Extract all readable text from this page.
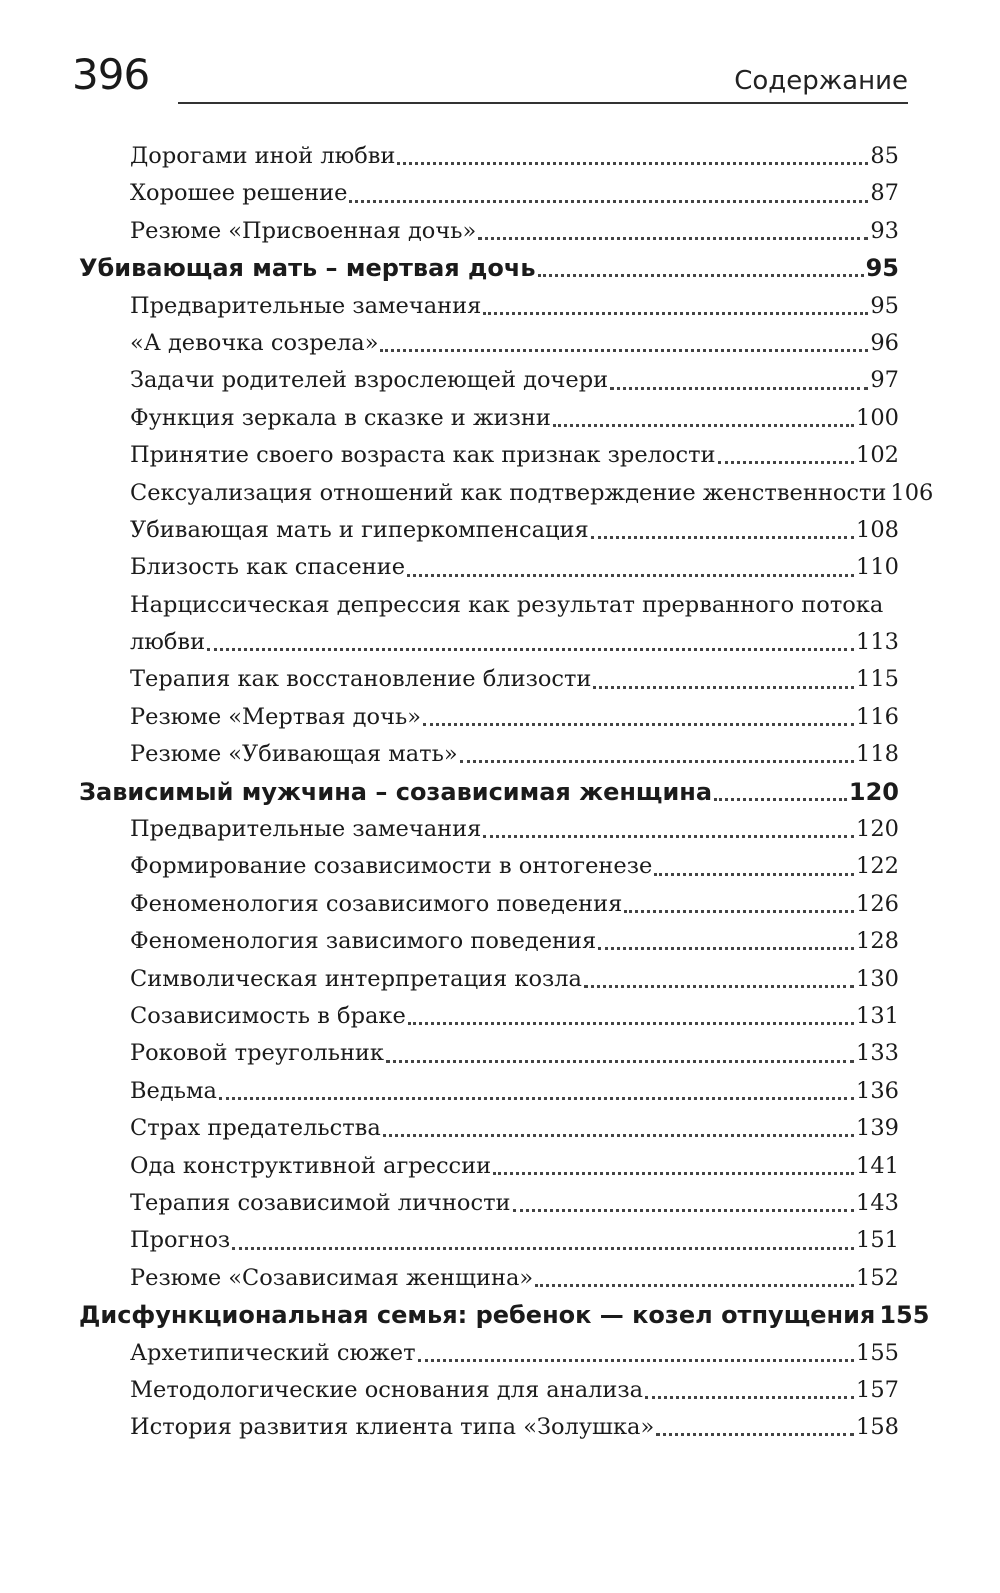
396	Содержание
Дорогами иной любви	85
Хорошее решение	87
Резюме «Присвоенная дочь»	93
Убивающая мать – мертвая дочь	95
Предварительные замечания	95
«А девочка созрела»	96
Задачи родителей взрослеющей дочери	97
Функция зеркала в сказке и жизни	100
Принятие своего возраста как признак зрелости	102
Сексуализация отношений как подтверждение женственности 106
Убивающая мать и гиперкомпенсация	108
Близость как спасение	110
Нарциссическая депрессия как результат прерванного потока
любви	113
Терапия как восстановление близости	115
Резюме «Мертвая дочь»	116
Резюме «Убивающая мать»	118
Зависимый мужчина – созависимая женщина	120
Предварительные замечания	120
Формирование созависимости в онтогенезе	122
Феноменология созависимого поведения	126
Феноменология зависимого поведения	128
Символическая интерпретация козла	130
Созависимость в браке	131
Роковой треугольник	133
Ведьма	136
Страх предательства	139
Ода конструктивной агрессии	141
Терапия созависимой личности	143
Прогноз	151
Резюме «Созависимая женщина»	152
Дисфункциональная семья: ребенок — козел отпущения 155
Архетипический сюжет	155
Методологические основания для анализа	157
История развития клиента типа «Золушка»	158
